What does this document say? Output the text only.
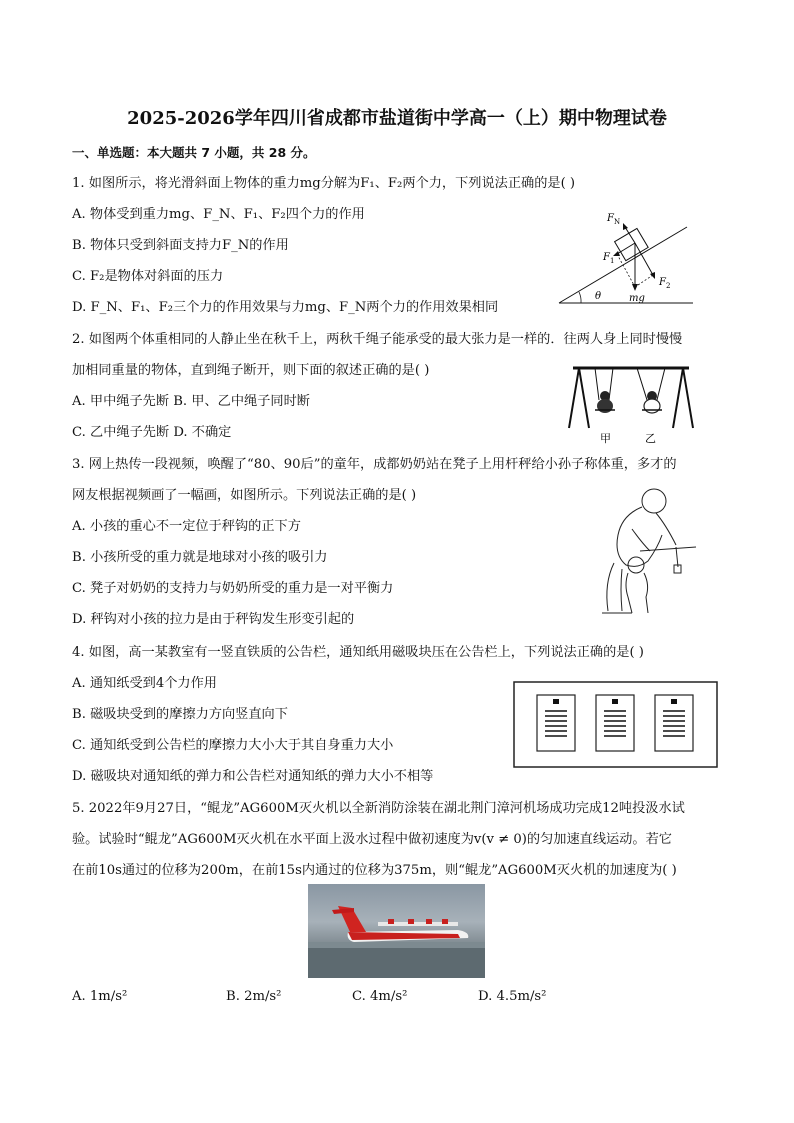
2025-2026学年四川省成都市盐道街中学高一（上）期中物理试卷
一、单选题：本大题共 7 小题，共 28 分。
1. 如图所示，将光滑斜面上物体的重力mg分解为F₁、F₂两个力，下列说法正确的是( )
A. 物体受到重力mg、F_N、F₁、F₂四个力的作用
B. 物体只受到斜面支持力F_N的作用
C. F₂是物体对斜面的压力
D. F_N、F₁、F₂三个力的作用效果与力mg、F_N两个力的作用效果相同
θ
F N
F 1
F 2
mg
2. 如图两个体重相同的人静止坐在秋千上，两秋千绳子能承受的最大张力是一样的．往两人身上同时慢慢
加相同重量的物体，直到绳子断开，则下面的叙述正确的是( )
A. 甲中绳子先断 B. 甲、乙中绳子同时断
C. 乙中绳子先断 D. 不确定	甲	乙
3. 网上热传一段视频，唤醒了“80、90后”的童年，成都奶奶站在凳子上用杆秤给小孙子称体重，多才的
网友根据视频画了一幅画，如图所示。下列说法正确的是( )
A. 小孩的重心不一定位于秤钩的正下方
B. 小孩所受的重力就是地球对小孩的吸引力
C. 凳子对奶奶的支持力与奶奶所受的重力是一对平衡力
D. 秤钩对小孩的拉力是由于秤钩发生形变引起的
4. 如图，高一某教室有一竖直铁质的公告栏，通知纸用磁吸块压在公告栏上，下列说法正确的是( )
A. 通知纸受到4个力作用
B. 磁吸块受到的摩擦力方向竖直向下
C. 通知纸受到公告栏的摩擦力大小大于其自身重力大小
D. 磁吸块对通知纸的弹力和公告栏对通知纸的弹力大小不相等
5. 2022年9月27日，“鲲龙”AG600M灭火机以全新消防涂装在湖北荆门漳河机场成功完成12吨投汲水试
验。试验时“鲲龙”AG600M灭火机在水平面上汲水过程中做初速度为v(v ≠ 0)的匀加速直线运动。若它
在前10s通过的位移为200m，在前15s内通过的位移为375m，则“鲲龙”AG600M灭火机的加速度为( )
A. 1m/s²	B. 2m/s²	C. 4m/s²	D. 4.5m/s²
